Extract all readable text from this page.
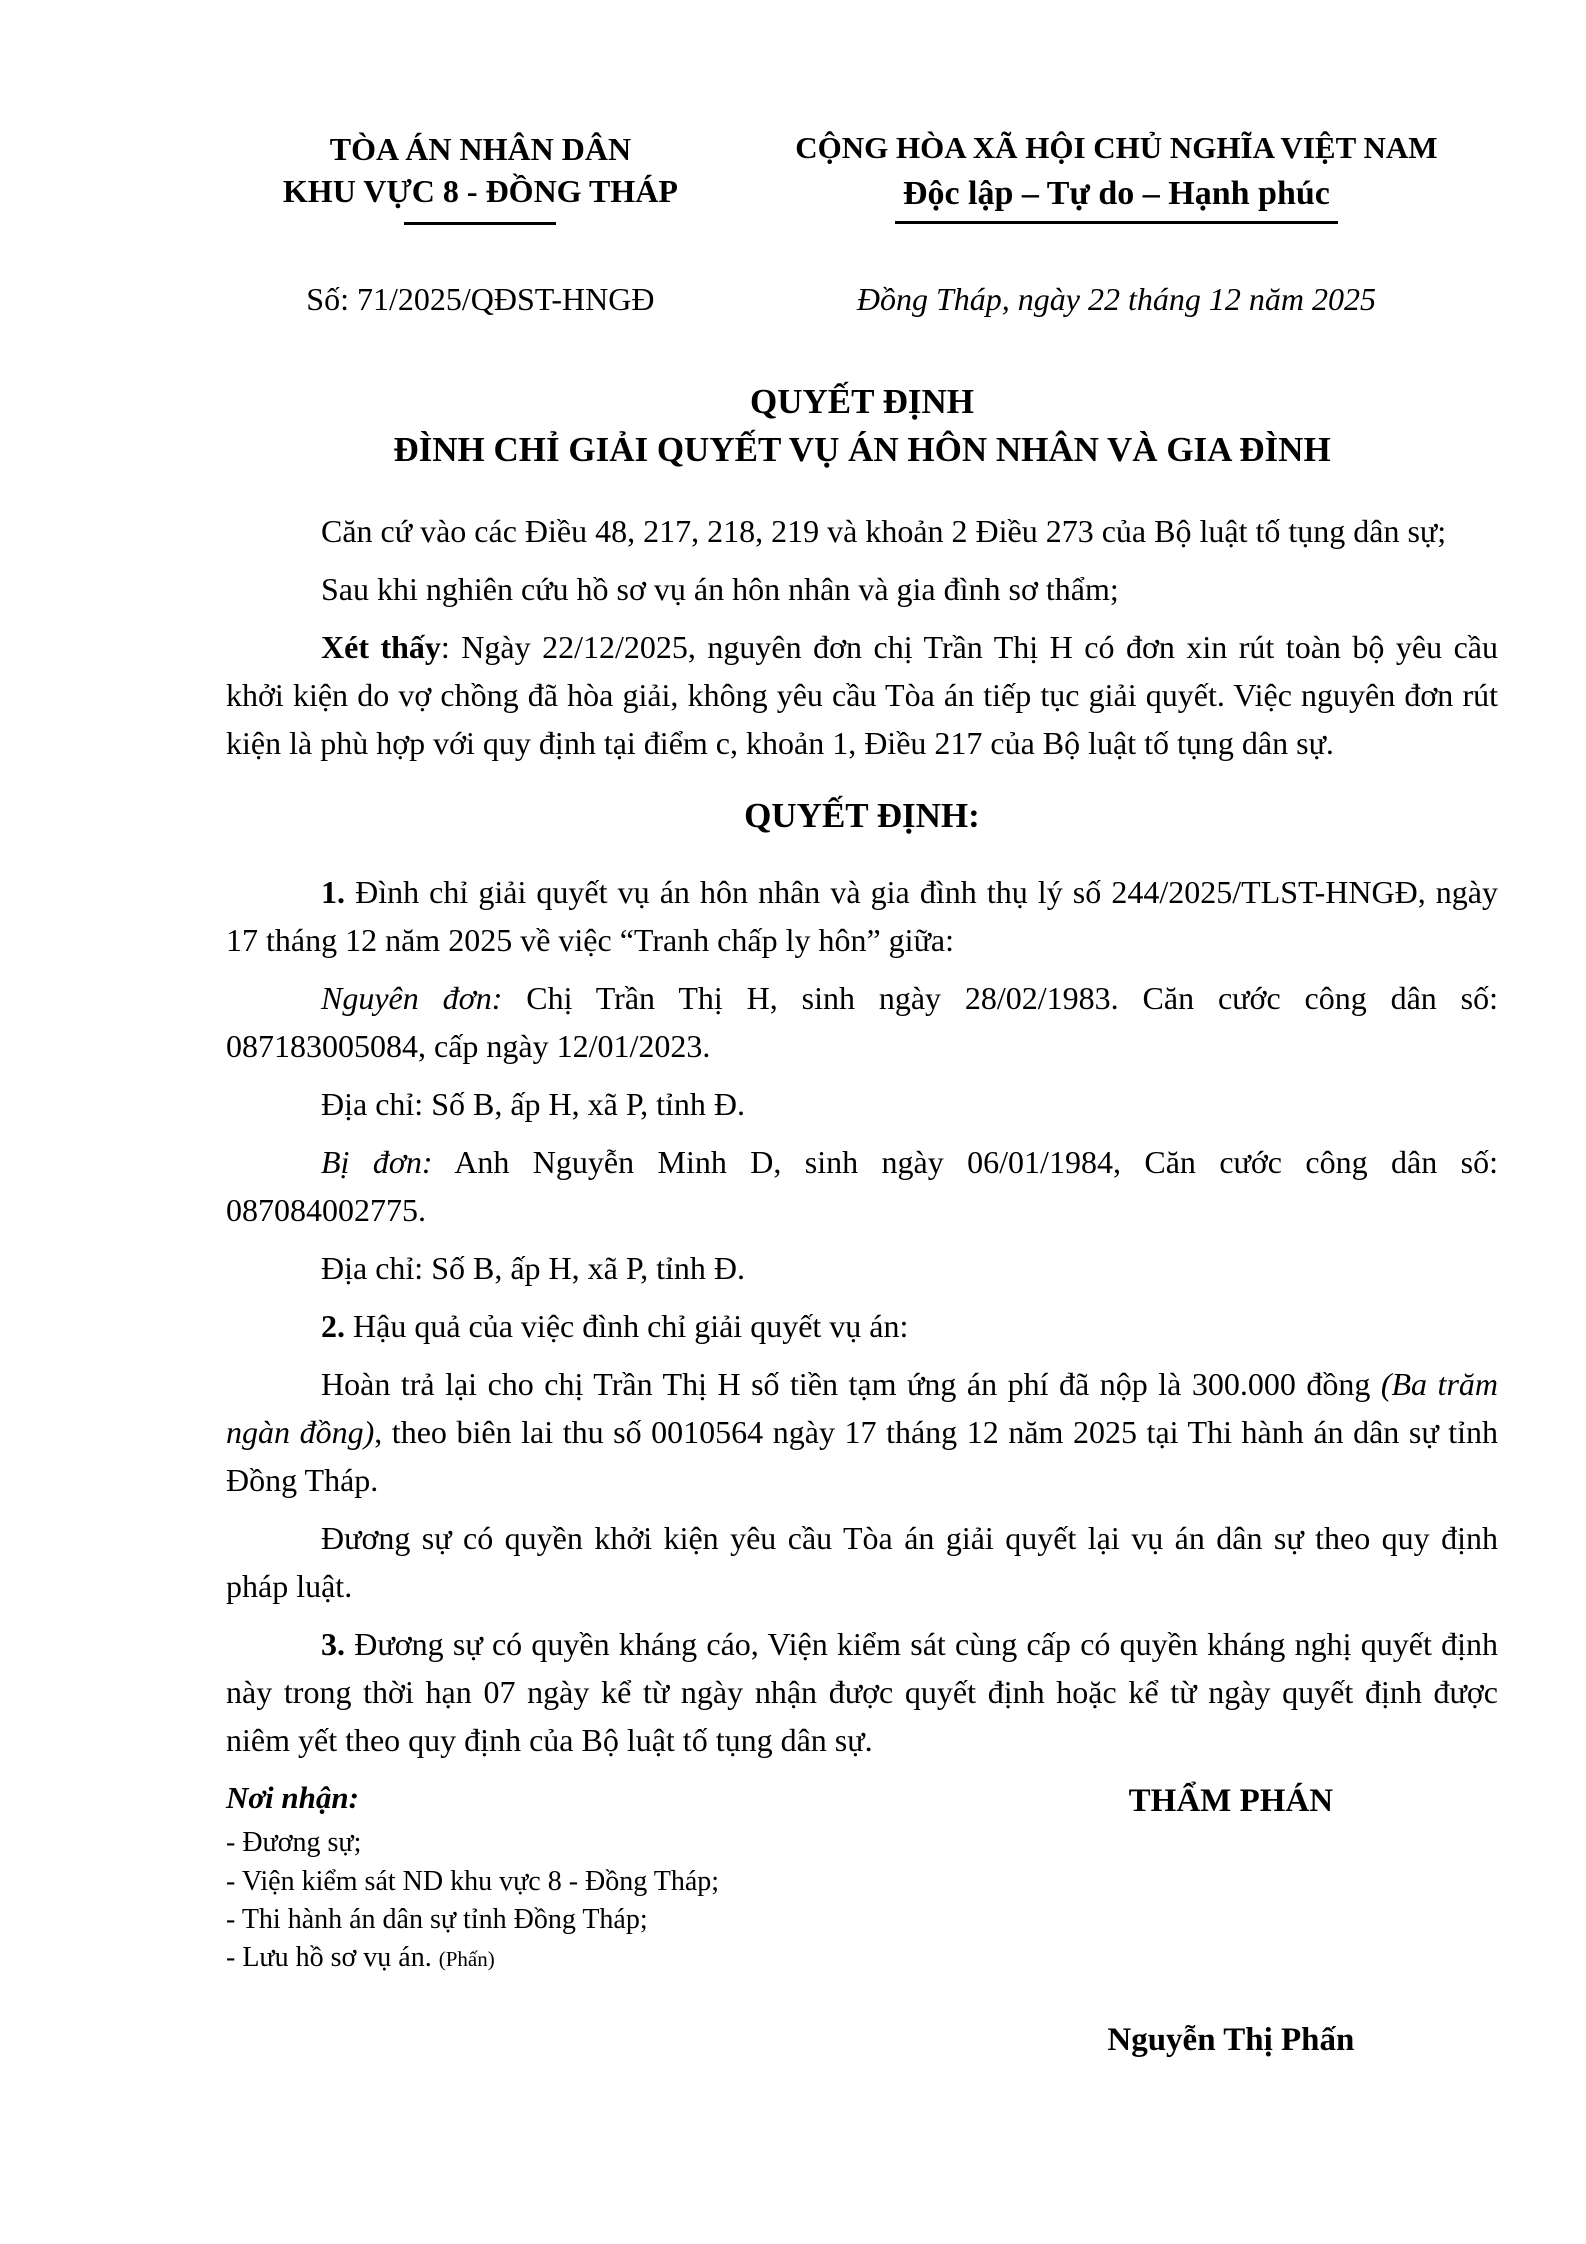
TÒA ÁN NHÂN DÂN
KHU VỰC 8 - ĐỒNG THÁP
CỘNG HÒA XÃ HỘI CHỦ NGHĨA VIỆT NAM
Độc lập – Tự do – Hạnh phúc
Số: 71/2025/QĐST-HNGĐ	Đồng Tháp, ngày 22 tháng 12 năm 2025
QUYẾT ĐỊNH
ĐÌNH CHỈ GIẢI QUYẾT VỤ ÁN HÔN NHÂN VÀ GIA ĐÌNH

Căn cứ vào các Điều 48, 217, 218, 219 và khoản 2 Điều 273 của Bộ luật tố tụng dân sự;

Sau khi nghiên cứu hồ sơ vụ án hôn nhân và gia đình sơ thẩm;

Xét thấy: Ngày 22/12/2025, nguyên đơn chị Trần Thị H có đơn xin rút toàn bộ yêu cầu khởi kiện do vợ chồng đã hòa giải, không yêu cầu Tòa án tiếp tục giải quyết. Việc nguyên đơn rút kiện là phù hợp với quy định tại điểm c, khoản 1, Điều 217 của Bộ luật tố tụng dân sự.

QUYẾT ĐỊNH:

1. Đình chỉ giải quyết vụ án hôn nhân và gia đình thụ lý số 244/2025/TLST-HNGĐ, ngày 17 tháng 12 năm 2025 về việc “Tranh chấp ly hôn” giữa:

Nguyên đơn: Chị Trần Thị H, sinh ngày 28/02/1983. Căn cước công dân số: 087183005084, cấp ngày 12/01/2023.

Địa chỉ: Số B, ấp H, xã P, tỉnh Đ.

Bị đơn: Anh Nguyễn Minh D, sinh ngày 06/01/1984, Căn cước công dân số: 087084002775.

Địa chỉ: Số B, ấp H, xã P, tỉnh Đ.

2. Hậu quả của việc đình chỉ giải quyết vụ án:

Hoàn trả lại cho chị Trần Thị H số tiền tạm ứng án phí đã nộp là 300.000 đồng (Ba trăm ngàn đồng), theo biên lai thu số 0010564 ngày 17 tháng 12 năm 2025 tại Thi hành án dân sự tỉnh Đồng Tháp.

Đương sự có quyền khởi kiện yêu cầu Tòa án giải quyết lại vụ án dân sự theo quy định pháp luật.

3. Đương sự có quyền kháng cáo, Viện kiểm sát cùng cấp có quyền kháng nghị quyết định này trong thời hạn 07 ngày kể từ ngày nhận được quyết định hoặc kể từ ngày quyết định được niêm yết theo quy định của Bộ luật tố tụng dân sự.

Nơi nhận:
- Đương sự;
- Viện kiểm sát ND khu vực 8 - Đồng Tháp;
- Thi hành án dân sự tỉnh Đồng Tháp;
- Lưu hồ sơ vụ án. (Phấn)
THẨM PHÁN
Nguyễn Thị Phấn
